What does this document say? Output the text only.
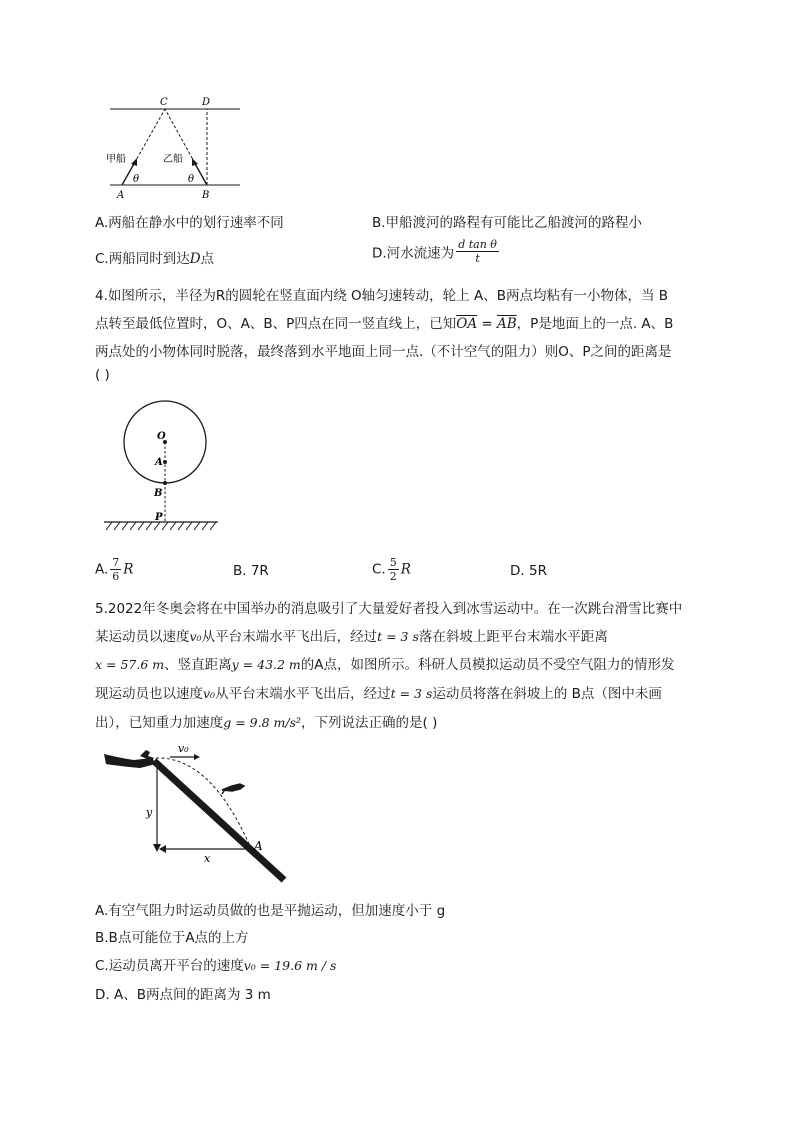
C	D
A	B
甲船	乙船
θ	θ
A.两船在静水中的划行速率不同	B.甲船渡河的路程有可能比乙船渡河的路程小
C.两船同时到达D点	D.河水流速为 $\frac{\text{d tan θ}}{t}$
4.如图所示，半径为R的圆轮在竖直面内绕 O轴匀速转动，轮上 A、B两点均粘有一小物体，当 B
点转至最低位置时，O、A、B、P四点在同一竖直线上，已知$\overline{OA} = \overline{AB}$，P是地面上的一点. A、B
两点处的小物体同时脱落，最终落到水平地面上同一点.（不计空气的阻力）则O、P之间的距离是
( )
O
A
B
P
A. $\frac{7}{6}$ R	B. 7R	C. $\frac{5}{2}$ R	D. 5R
5.2022年冬奥会将在中国举办的消息吸引了大量爱好者投入到冰雪运动中。在一次跳台滑雪比赛中
某运动员以速度v₀从平台末端水平飞出后，经过t = 3 s落在斜坡上距平台末端水平距离
x = 57.6 m、竖直距离y = 43.2 m的A点，如图所示。科研人员模拟运动员不受空气阻力的情形发
现运动员也以速度v₀从平台末端水平飞出后，经过t = 3 s运动员将落在斜坡上的 B点（图中未画
出），已知重力加速度g = 9.8 m/s²，下列说法正确的是( )
v₀
y
x
A
A.有空气阻力时运动员做的也是平抛运动，但加速度小于 g
B.B点可能位于A点的上方
C.运动员离开平台的速度v₀ = 19.6 m / s
D. A、B两点间的距离为 3 m
